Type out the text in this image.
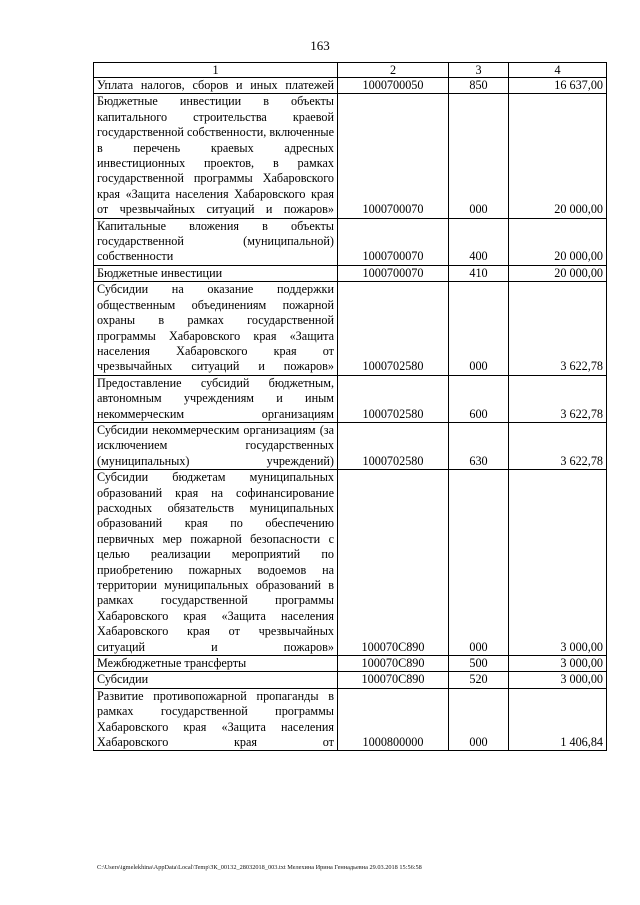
163
1	2	3	4
Уплата налогов, сборов и иных платежей	1000700050	850	16 637,00
Бюджетные инвестиции в объекты капитального строительства краевой государственной собственности, включенные в перечень краевых адресных инвестиционных проектов, в рамках государственной программы Хабаровского края «Защита населения Хабаровского края от чрезвычайных ситуаций и пожаров»	1000700070	000	20 000,00
Капитальные вложения в объекты государственной (муниципальной) собственности	1000700070	400	20 000,00
Бюджетные инвестиции	1000700070	410	20 000,00
Субсидии на оказание поддержки общественным объединениям пожарной охраны в рамках государственной программы Хабаровского края «Защита населения Хабаровского края от чрезвычайных ситуаций и пожаров»	1000702580	000	3 622,78
Предоставление субсидий бюджетным, автономным учреждениям и иным некоммерческим организациям	1000702580	600	3 622,78
Субсидии некоммерческим организациям (за исключением государственных (муниципальных) учреждений)	1000702580	630	3 622,78
Субсидии бюджетам муниципальных образований края на софинансирование расходных обязательств муниципальных образований края по обеспечению первичных мер пожарной безопасности с целью реализации мероприятий по приобретению пожарных водоемов на территории муниципальных образований в рамках государственной программы Хабаровского края «Защита населения Хабаровского края от чрезвычайных ситуаций и пожаров»	100070С890	000	3 000,00
Межбюджетные трансферты	100070С890	500	3 000,00
Субсидии	100070С890	520	3 000,00
Развитие противопожарной пропаганды в рамках государственной программы Хабаровского края «Защита населения Хабаровского края от	1000800000	000	1 406,84
C:\Users\igmelekhina\AppData\Local\Temp\ЗК_00132_28032018_003.txt Мелехина Ирина Геннадьевна 29.03.2018 15:56:58
